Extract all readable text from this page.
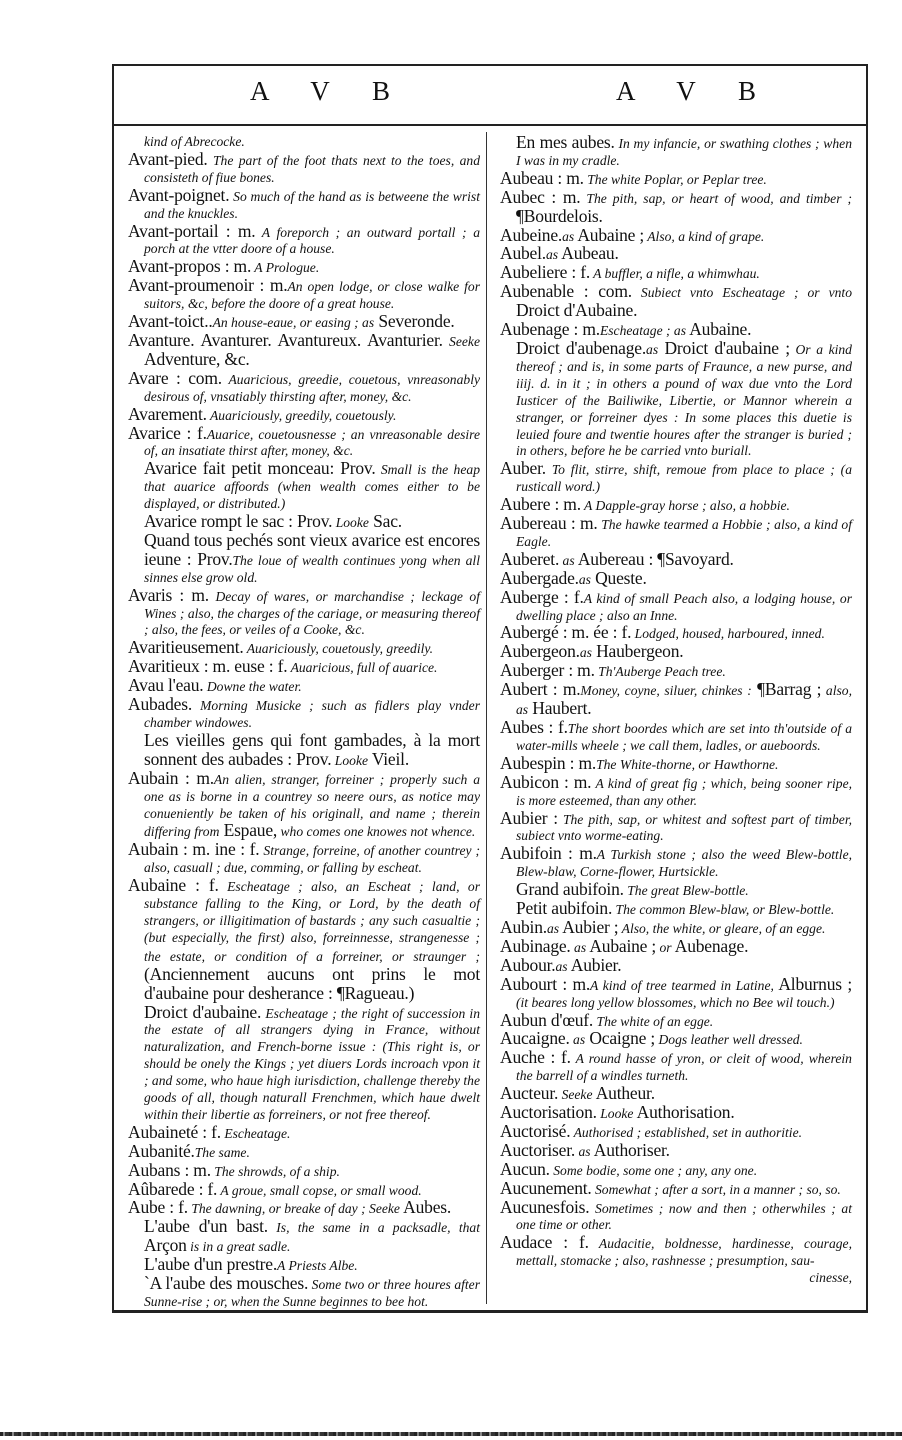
A V B	A V B

kind of Abrecocke.

Avant-pied. The part of the foot thats next to the toes, and consisteth of fiue bones.

Avant-poignet. So much of the hand as is betweene the wrist and the knuckles.

Avant-portail : m. A foreporch ; an outward portall ; a porch at the vtter doore of a house.

Avant-propos : m. A Prologue.

Avant-proumenoir : m.An open lodge, or close walke for suitors, &c, before the doore of a great house.

Avant-toict..An house-eaue, or easing ; as Severonde.

Avanture. Avanturer. Avantureux. Avanturier. Seeke Adventure, &c.

Avare : com. Auaricious, greedie, couetous, vnreasonably desirous of, vnsatiably thirsting after, money, &c.

Avarement. Auariciously, greedily, couetously.

Avarice : f.Auarice, couetousnesse ; an vnreasonable desire of, an insatiate thirst after, money, &c.

Avarice fait petit monceau: Prov. Small is the heap that auarice affoords (when wealth comes either to be displayed, or distributed.)

Avarice rompt le sac : Prov. Looke Sac.

Quand tous pechés sont vieux avarice est encores ieune : Prov.The loue of wealth continues yong when all sinnes else grow old.

Avaris : m. Decay of wares, or marchandise ; leckage of Wines ; also, the charges of the cariage, or measuring thereof ; also, the fees, or veiles of a Cooke, &c.

Avaritieusement. Auariciously, couetously, greedily.

Avaritieux : m. euse : f. Auaricious, full of auarice.

Avau l'eau. Downe the water.

Aubades. Morning Musicke ; such as fidlers play vnder chamber windowes.

Les vieilles gens qui font gambades, à la mort sonnent des aubades : Prov. Looke Vieil.

Aubain : m.An alien, stranger, forreiner ; properly such a one as is borne in a countrey so neere ours, as notice may conueniently be taken of his originall, and name ; therein differing from Espaue, who comes one knowes not whence.

Aubain : m. ine : f. Strange, forreine, of another countrey ; also, casuall ; due, comming, or falling by escheat.

Aubaine : f. Escheatage ; also, an Escheat ; land, or substance falling to the King, or Lord, by the death of strangers, or illigitimation of bastards ; any such casualtie ; (but especially, the first) also, forreinnesse, strangenesse ; the estate, or condition of a forreiner, or straunger ; (Anciennement aucuns ont prins le mot d'aubaine pour desherance : ¶Ragueau.)

Droict d'aubaine. Escheatage ; the right of succession in the estate of all strangers dying in France, without naturalization, and French-borne issue : (This right is, or should be onely the Kings ; yet diuers Lords incroach vpon it ; and some, who haue high iurisdiction, challenge thereby the goods of all, though naturall Frenchmen, which haue dwelt within their libertie as forreiners, or not free thereof.

Aubaineté : f. Escheatage.

Aubanité.The same.

Aubans : m. The shrowds, of a ship.

Aûbarede : f. A groue, small copse, or small wood.

Aube : f. The dawning, or breake of day ; Seeke Aubes.

L'aube d'un bast. Is, the same in a packsadle, that Arçon is in a great sadle.

L'aube d'un prestre.A Priests Albe.

`A l'aube des mousches. Some two or three houres after Sunne-rise ; or, when the Sunne beginnes to bee hot.

En mes aubes. In my infancie, or swathing clothes ; when I was in my cradle.

Aubeau : m. The white Poplar, or Peplar tree.

Aubec : m. The pith, sap, or heart of wood, and timber ; ¶Bourdelois.

Aubeine.as Aubaine ; Also, a kind of grape.

Aubel.as Aubeau.

Aubeliere : f. A buffler, a nifle, a whimwhau.

Aubenable : com. Subiect vnto Escheatage ; or vnto Droict d'Aubaine.

Aubenage : m.Escheatage ; as Aubaine.

Droict d'aubenage.as Droict d'aubaine ; Or a kind thereof ; and is, in some parts of Fraunce, a new purse, and iiij. d. in it ; in others a pound of wax due vnto the Lord Iusticer of the Bailiwike, Libertie, or Mannor wherein a stranger, or forreiner dyes : In some places this duetie is leuied foure and twentie houres after the stranger is buried ; in others, before he be carried vnto buriall.

Auber. To flit, stirre, shift, remoue from place to place ; (a rusticall word.)

Aubere : m. A Dapple-gray horse ; also, a hobbie.

Aubereau : m. The hawke tearmed a Hobbie ; also, a kind of Eagle.

Auberet. as Aubereau : ¶Savoyard.

Aubergade.as Queste.

Auberge : f.A kind of small Peach also, a lodging house, or dwelling place ; also an Inne.

Aubergé : m. ée : f. Lodged, housed, harboured, inned.

Aubergeon.as Haubergeon.

Auberger : m. Th'Auberge Peach tree.

Aubert : m.Money, coyne, siluer, chinkes : ¶Barrag ; also, as Haubert.

Aubes : f.The short boordes which are set into th'outside of a water-mills wheele ; we call them, ladles, or aueboords.

Aubespin : m.The White-thorne, or Hawthorne.

Aubicon : m. A kind of great fig ; which, being sooner ripe, is more esteemed, than any other.

Aubier : The pith, sap, or whitest and softest part of timber, subiect vnto worme-eating.

Aubifoin : m.A Turkish stone ; also the weed Blew-bottle, Blew-blaw, Corne-flower, Hurtsickle.

Grand aubifoin. The great Blew-bottle.

Petit aubifoin. The common Blew-blaw, or Blew-bottle.

Aubin.as Aubier ; Also, the white, or gleare, of an egge.

Aubinage. as Aubaine ; or Aubenage.

Aubour.as Aubier.

Aubourt : m.A kind of tree tearmed in Latine, Alburnus ; (it beares long yellow blossomes, which no Bee wil touch.)

Aubun d'œuf. The white of an egge.

Aucaigne. as Ocaigne ; Dogs leather well dressed.

Auche : f. A round hasse of yron, or cleit of wood, wherein the barrell of a windles turneth.

Aucteur. Seeke Autheur.

Auctorisation. Looke Authorisation.

Auctorisé. Authorised ; established, set in authoritie.

Auctoriser. as Authoriser.

Aucun. Some bodie, some one ; any, any one.

Aucunement. Somewhat ; after a sort, in a manner ; so, so.

Aucunesfois. Sometimes ; now and then ; otherwhiles ; at one time or other.

Audace : f. Audacitie, boldnesse, hardinesse, courage, mettall, stomacke ; also, rashnesse ; presumption, sau-
cinesse,
